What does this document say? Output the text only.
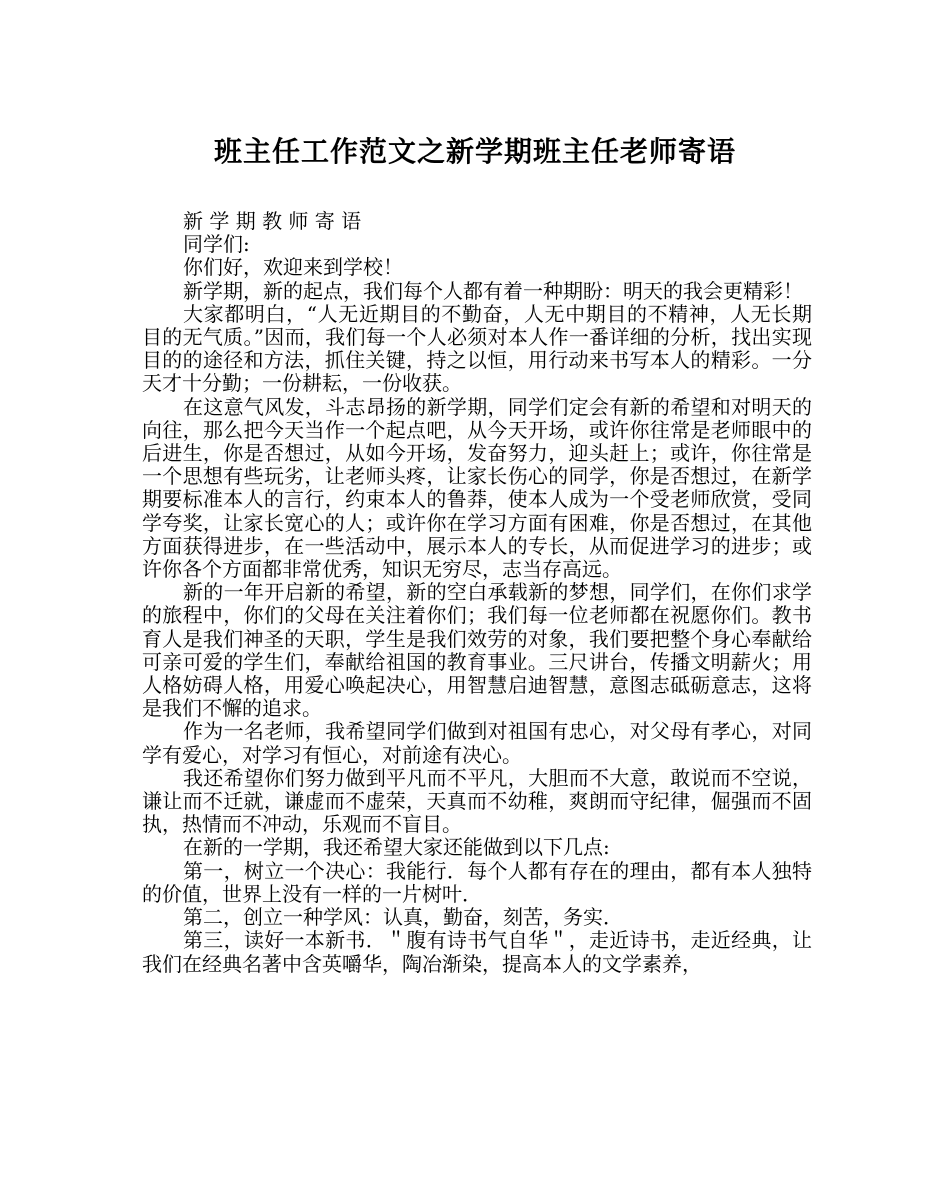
班主任工作范文之新学期班主任老师寄语

新 学 期 教 师 寄 语

同学们:

你们好，欢迎来到学校！

新学期，新的起点，我们每个人都有着一种期盼：明天的我会更精彩！

大家都明白，“人无近期目的不勤奋，人无中期目的不精神，人无长期目的无气质。”因而，我们每一个人必须对本人作一番详细的分析，找出实现目的的途径和方法，抓住关键，持之以恒，用行动来书写本人的精彩。一分天才十分勤；一份耕耘，一份收获。

在这意气风发，斗志昂扬的新学期，同学们定会有新的希望和对明天的向往，那么把今天当作一个起点吧，从今天开场，或许你往常是老师眼中的后进生，你是否想过，从如今开场，发奋努力，迎头赶上；或许，你往常是一个思想有些玩劣，让老师头疼，让家长伤心的同学，你是否想过，在新学期要标准本人的言行，约束本人的鲁莽，使本人成为一个受老师欣赏，受同学夸奖，让家长宽心的人；或许你在学习方面有困难，你是否想过，在其他方面获得进步，在一些活动中，展示本人的专长，从而促进学习的进步；或许你各个方面都非常优秀，知识无穷尽，志当存高远。

新的一年开启新的希望，新的空白承载新的梦想，同学们，在你们求学的旅程中，你们的父母在关注着你们；我们每一位老师都在祝愿你们。教书育人是我们神圣的天职，学生是我们效劳的对象，我们要把整个身心奉献给可亲可爱的学生们，奉献给祖国的教育事业。三尺讲台，传播文明薪火；用人格妨碍人格，用爱心唤起决心，用智慧启迪智慧，意图志砥砺意志，这将是我们不懈的追求。

作为一名老师，我希望同学们做到对祖国有忠心，对父母有孝心，对同学有爱心，对学习有恒心，对前途有决心。

我还希望你们努力做到平凡而不平凡，大胆而不大意，敢说而不空说，谦让而不迁就，谦虚而不虚荣，天真而不幼稚，爽朗而守纪律，倔强而不固执，热情而不冲动，乐观而不盲目。

在新的一学期，我还希望大家还能做到以下几点:

第一，树立一个决心：我能行．每个人都有存在的理由，都有本人独特的价值，世界上没有一样的一片树叶．

第二，创立一种学风：认真，勤奋，刻苦，务实．

第三，读好一本新书．＂腹有诗书气自华＂，走近诗书，走近经典，让我们在经典名著中含英嚼华，陶冶渐染，提高本人的文学素养，
